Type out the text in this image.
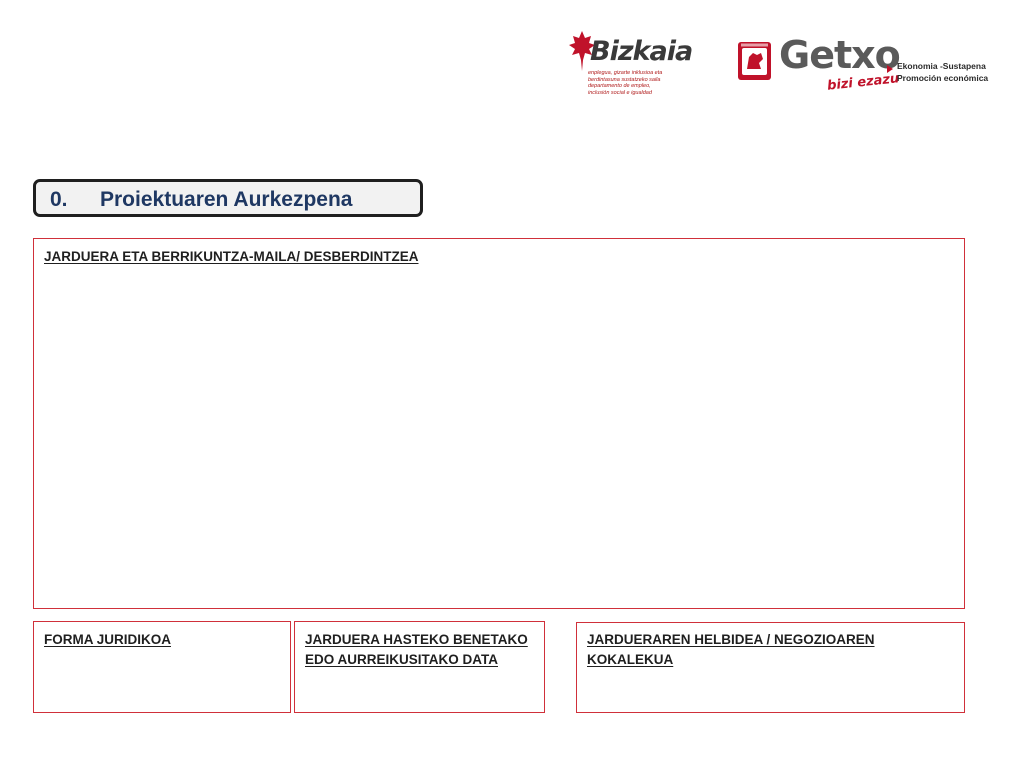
Bizkaia
enplegua, gizarte inklusioa eta
berdintasuna sustatzeko saila
departamento de empleo,
inclusión social e igualdad
Getxo
bizi ezazu
Ekonomia -Sustapena
Promoción económica
0. Proiektuaren Aurkezpena
JARDUERA ETA BERRIKUNTZA-MAILA/ DESBERDINTZEA
FORMA JURIDIKOA	JARDUERA HASTEKO BENETAKO
EDO AURREIKUSITAKO DATA
JARDUERAREN HELBIDEA / NEGOZIOAREN
KOKALEKUA
